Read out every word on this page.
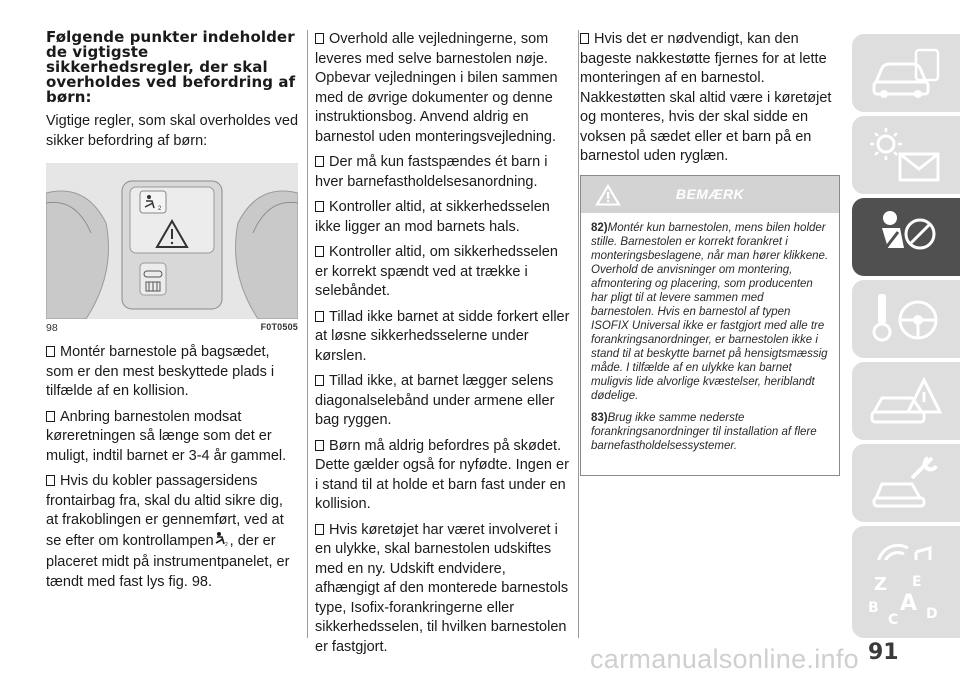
Følgende punkter indeholder de vigtigste sikkerhedsregler, der skal overholdes ved befordring af børn:

Vigtige regler, som skal overholdes ved sikker befordring af børn:

2
98	F0T0505

Montér barnestole på bagsædet, som er den mest beskyttede plads i tilfælde af en kollision.

Anbring barnestolen modsat køreretningen så længe som det er muligt, indtil barnet er 3-4 år gammel.

Hvis du kobler passagersidens frontairbag fra, skal du altid sikre dig, at frakoblingen er gennemført, ved at se efter om kontrollampen 2 , der er placeret midt på instrumentpanelet, er tændt med fast lys fig. 98.

Overhold alle vejledningerne, som leveres med selve barnestolen nøje. Opbevar vejledningen i bilen sammen med de øvrige dokumenter og denne instruktionsbog. Anvend aldrig en barnestol uden monteringsvejledning.

Der må kun fastspændes ét barn i hver barnefastholdelsesanordning.

Kontroller altid, at sikkerhedsselen ikke ligger an mod barnets hals.

Kontroller altid, om sikkerhedsselen er korrekt spændt ved at trække i selebåndet.

Tillad ikke barnet at sidde forkert eller at løsne sikkerhedsselerne under kørslen.

Tillad ikke, at barnet lægger selens diagonalselebånd under armene eller bag ryggen.

Børn må aldrig befordres på skødet. Dette gælder også for nyfødte. Ingen er i stand til at holde et barn fast under en kollision.

Hvis køretøjet har været involveret i en ulykke, skal barnestolen udskiftes med en ny. Udskift endvidere, afhængigt af den monterede barnestols type, Isofix-forankringerne eller sikkerhedsselen, til hvilken barnestolen er fastgjort.

Hvis det er nødvendigt, kan den bageste nakkestøtte fjernes for at lette monteringen af en barnestol. Nakkestøtten skal altid være i køretøjet og monteres, hvis der skal sidde en voksen på sædet eller et barn på en barnestol uden ryglæn.

BEMÆRK

82)Montér kun barnestolen, mens bilen holder stille. Barnestolen er korrekt forankret i monteringsbeslagene, når man hører klikkene. Overhold de anvisninger om montering, afmontering og placering, som producenten har pligt til at levere sammen med barnestolen. Hvis en barnestol af typen ISOFIX Universal ikke er fastgjort med alle tre forankringsanordninger, er barnestolen ikke i stand til at beskytte barnet på hensigtsmæssig måde. I tilfælde af en ulykke kan barnet muligvis lide alvorlige kvæstelser, heriblandt dødelige.

83)Brug ikke samme nederste forankringsanordninger til installation af flere barnefastholdelsessystemer.

Z E
B A
C D
carmanualsonline.info 91
